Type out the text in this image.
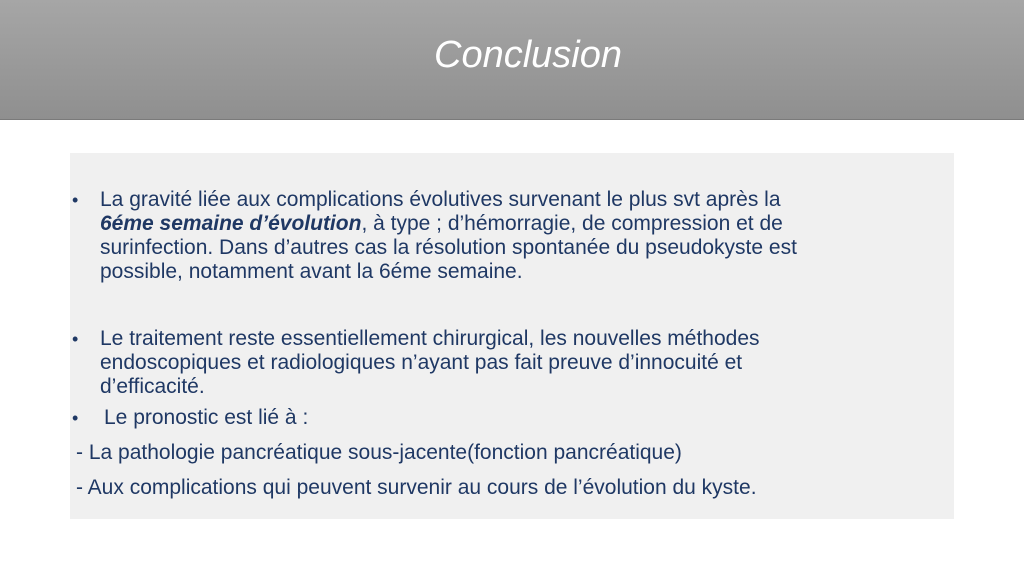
Conclusion
• La gravité liée aux complications évolutives survenant le plus svt après la
6éme semaine d’évolution, à type ; d’hémorragie, de compression et de
surinfection. Dans d’autres cas la résolution spontanée du pseudokyste est
possible, notamment avant la 6éme semaine.
• Le traitement reste essentiellement chirurgical, les nouvelles méthodes
endoscopiques et radiologiques n’ayant pas fait preuve d’innocuité et
d’efficacité.
• Le pronostic est lié à :
- La pathologie pancréatique sous-jacente(fonction pancréatique)
- Aux complications qui peuvent survenir au cours de l’évolution du kyste.
